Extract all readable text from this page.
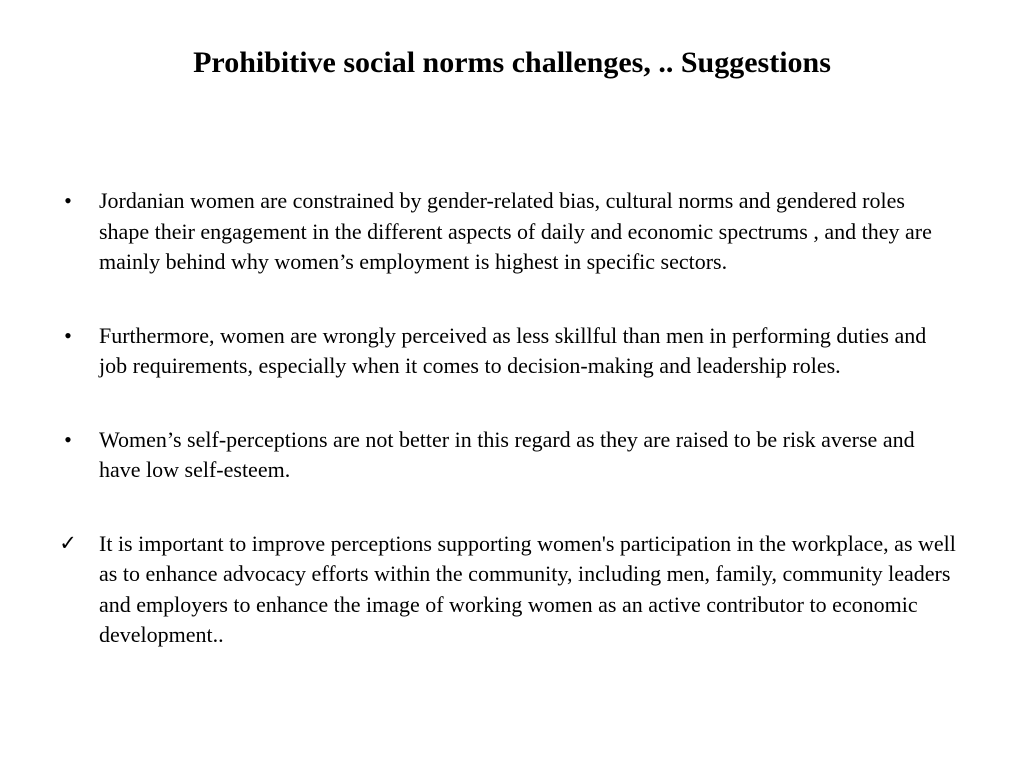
Prohibitive social norms challenges, .. Suggestions
• Jordanian women are constrained by gender-related bias, cultural norms and gendered roles shape their engagement in the different aspects of daily and economic spectrums , and they are mainly behind why women’s employment is highest in specific sectors.
• Furthermore, women are wrongly perceived as less skillful than men in performing duties and job requirements, especially when it comes to decision-making and leadership roles.
• Women’s self-perceptions are not better in this regard as they are raised to be risk averse and have low self-esteem.
✓ It is important to improve perceptions supporting women's participation in the workplace, as well as to enhance advocacy efforts within the community, including men, family, community leaders and employers to enhance the image of working women as an active contributor to economic development..
